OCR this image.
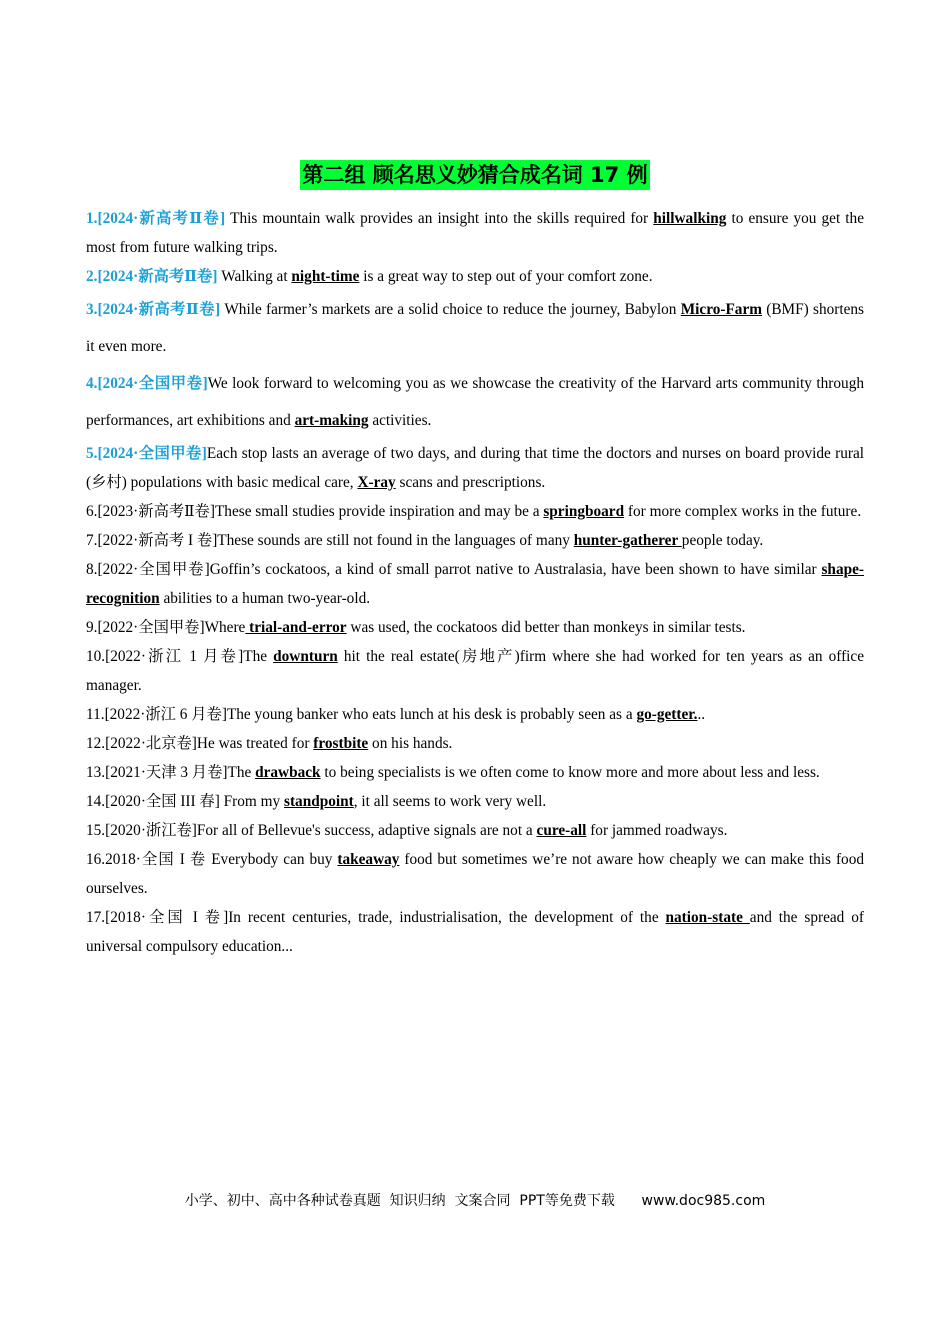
第二组 顾名思义妙猜合成名词 17 例

1.[2024·新高考Ⅱ卷] This mountain walk provides an insight into the skills required for hillwalking to ensure you get the most from future walking trips.

2.[2024·新高考Ⅱ卷] Walking at night-time is a great way to step out of your comfort zone.

3.[2024·新高考Ⅱ卷] While farmer’s markets are a solid choice to reduce the journey, Babylon Micro-Farm (BMF) shortens it even more.

4.[2024·全国甲卷]We look forward to welcoming you as we showcase the creativity of the Harvard arts community through performances, art exhibitions and art-making activities.

5.[2024·全国甲卷]Each stop lasts an average of two days, and during that time the doctors and nurses on board provide rural (乡村) populations with basic medical care, X-ray scans and prescriptions.

6.[2023·新高考Ⅱ卷]These small studies provide inspiration and may be a springboard for more complex works in the future.

7.[2022·新高考 I 卷]These sounds are still not found in the languages of many hunter-gatherer people today.

8.[2022·全国甲卷]Goffin’s cockatoos, a kind of small parrot native to Australasia, have been shown to have similar shape-recognition abilities to a human two-year-old.

9.[2022·全国甲卷]Where trial-and-error was used, the cockatoos did better than monkeys in similar tests.

10.[2022·浙江 1 月卷]The downturn hit the real estate(房地产)firm where she had worked for ten years as an office manager.

11.[2022·浙江 6 月卷]The young banker who eats lunch at his desk is probably seen as a go-getter...

12.[2022·北京卷]He was treated for frostbite on his hands.

13.[2021·天津 3 月卷]The drawback to being specialists is we often come to know more and more about less and less.

14.[2020·全国 III 春] From my standpoint, it all seems to work very well.

15.[2020·浙江卷]For all of Bellevue's success, adaptive signals are not a cure-all for jammed roadways.

16.2018·全国 I 卷 Everybody can buy takeaway food but sometimes we’re not aware how cheaply we can make this food ourselves.

17.[2018·全国 I 卷]In recent centuries, trade, industrialisation, the development of the nation-state and the spread of universal compulsory education...

小学、初中、高中各种试卷真题  知识归纳  文案合同  PPT等免费下载      www.doc985.com
